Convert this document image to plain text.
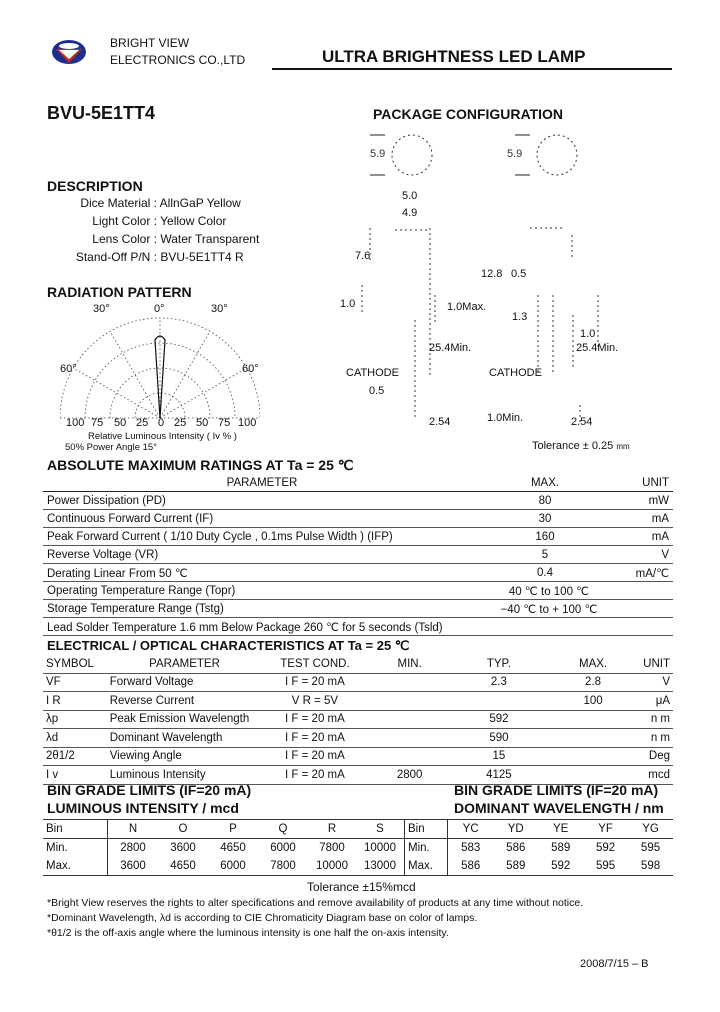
BRIGHT VIEW
ELECTRONICS CO.,LTD	ULTRA BRIGHTNESS LED LAMP
BVU-5E1TT4	PACKAGE CONFIGURATION
5.9	5.9
5.0
4.9
7.6
12.8 0.5
1.0	1.0Max.
1.3
1.0
25.4Min.	25.4Min.
CATHODE	CATHODE
0.5
2.54	1.0Min.	2.54
Tolerance ± 0.25 mm
DESCRIPTION
Dice Material : AllnGaP Yellow
Light Color : Yellow Color
Lens Color : Water Transparent
Stand-Off P/N : BVU-5E1TT4 R
RADIATION PATTERN
30°	0°	30°
60°	60°
100 75 50 25 0 25 50 75 100
Relative Luminous Intensity ( Iv % )
50% Power Angle 15°
ABSOLUTE MAXIMUM RATINGS AT Ta = 25 ℃
PARAMETER	MAX.	UNIT
Power Dissipation (PD)	80	mW
Continuous Forward Current (IF)	30	mA
Peak Forward Current ( 1/10 Duty Cycle , 0.1ms Pulse Width ) (IFP)	160	mA
Reverse Voltage (VR)	5	V
Derating Linear From 50 ℃	0.4	mA/℃
Operating Temperature Range (Topr)	40 ℃ to 100 ℃	
Storage Temperature Range (Tstg)	−40 ℃ to + 100 ℃	
Lead Solder Temperature 1.6 mm Below Package 260 ℃ for 5 seconds (Tsld)		
ELECTRICAL / OPTICAL CHARACTERISTICS AT Ta = 25 ℃
SYMBOL	PARAMETER	TEST COND.	MIN.	TYP.	MAX.	UNIT
VF	Forward Voltage	I F = 20 mA		2.3	2.8	V
I R	Reverse Current	V R = 5V			100	μA
λp	Peak Emission Wavelength	I F = 20 mA		592		n m
λd	Dominant Wavelength	I F = 20 mA		590		n m
2θ1/2	Viewing Angle	I F = 20 mA		15		Deg
I v	Luminous Intensity	I F = 20 mA	2800	4125		mcd
BIN GRADE LIMITS (IF=20 mA)
LUMINOUS INTENSITY / mcd
BIN GRADE LIMITS (IF=20 mA)
DOMINANT WAVELENGTH / nm
Bin	N	O	P	Q	R	S	Bin	YC	YD	YE	YF	YG
Min.	2800	3600	4650	6000	7800	10000	Min.	583	586	589	592	595
Max.	3600	4650	6000	7800	10000	13000	Max.	586	589	592	595	598
Tolerance ±15%mcd
*Bright View reserves the rights to alter specifications and remove availability of products at any time without notice.
*Dominant Wavelength, λd is according to CIE Chromaticity Diagram base on color of lamps.
*θ1/2 is the off-axis angle where the luminous intensity is one half the on-axis intensity.
2008/7/15 – B
